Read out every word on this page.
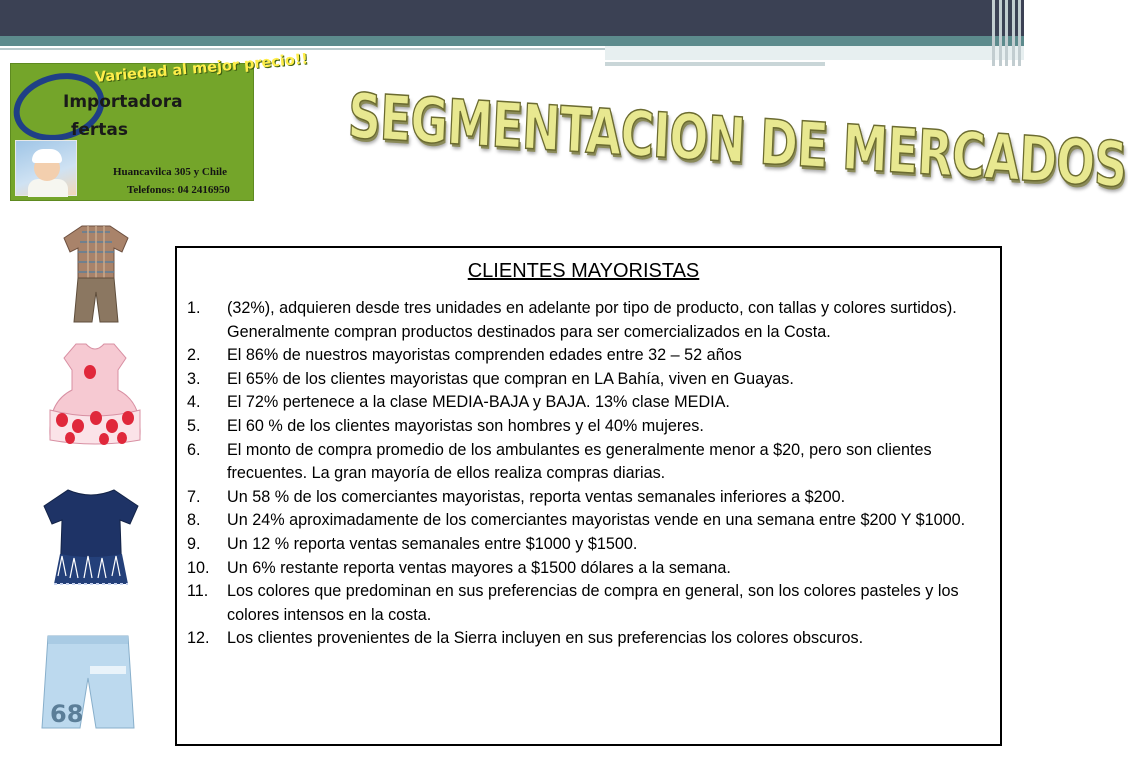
Variedad al mejor precio!!
Importadora
fertas
Huancavilca 305 y Chile
Telefonos: 04 2416950 SEGMENTACION DE MERCADOS
68
CLIENTES MAYORISTAS
1.	(32%), adquieren desde tres unidades en adelante por tipo de producto, con tallas y colores surtidos). Generalmente compran productos destinados para ser comercializados en la Costa.
2.	El 86% de nuestros mayoristas comprenden edades entre 32 – 52 años
3.	El 65% de los clientes mayoristas que compran en LA Bahía, viven en Guayas.
4.	El 72% pertenece a la clase MEDIA-BAJA y BAJA. 13% clase MEDIA.
5.	El 60 % de los clientes mayoristas son hombres y el 40% mujeres.
6.	El monto de compra promedio de los ambulantes es generalmente menor a $20, pero son clientes frecuentes. La gran mayoría de ellos realiza compras diarias.
7.	Un 58 % de los comerciantes mayoristas, reporta ventas semanales inferiores a $200.
8.	Un 24% aproximadamente de los comerciantes mayoristas vende en una semana entre $200 Y $1000.
9.	Un 12 % reporta ventas semanales entre $1000 y $1500.
10.	Un 6% restante reporta ventas mayores a $1500 dólares a la semana.
11.	Los colores que predominan en sus preferencias de compra en general, son los colores pasteles y los colores intensos en la costa.
12.	Los clientes provenientes de la Sierra incluyen en sus preferencias los colores obscuros.
